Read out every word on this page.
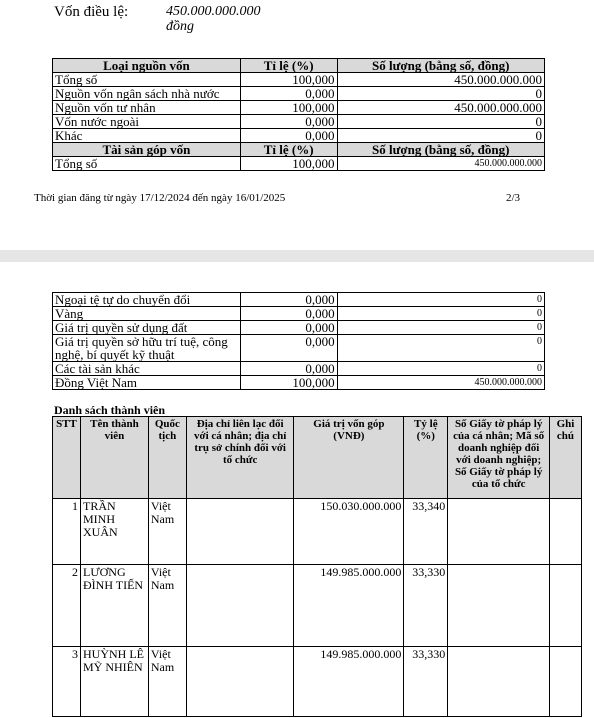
Vốn điều lệ:	450.000.000.000
đồng
Loại nguồn vốn	Tỉ lệ (%)	Số lượng (bằng số, đồng)
Tổng số	100,000	450.000.000.000
Nguồn vốn ngân sách nhà nước	0,000	0
Nguồn vốn tư nhân	100,000	450.000.000.000
Vốn nước ngoài	0,000	0
Khác	0,000	0
Tài sản góp vốn	Tỉ lệ (%)	Số lượng (bằng số, đồng)
Tổng số	100,000	450.000.000.000
Thời gian đăng từ ngày 17/12/2024 đến ngày 16/01/2025	2/3
Ngoại tệ tự do chuyển đổi	0,000	0
Vàng	0,000	0
Giá trị quyền sử dụng đất	0,000	0
Giá trị quyền sở hữu trí tuệ, công nghệ, bí quyết kỹ thuật	0,000	0
Các tài sản khác	0,000	0
Đồng Việt Nam	100,000	450.000.000.000
Danh sách thành viên
STT	Tên thành viên	Quốc tịch	Địa chỉ liên lạc đối với cá nhân; địa chỉ trụ sở chính đối với tổ chức	Giá trị vốn góp (VNĐ)	Tỷ lệ (%)	Số Giấy tờ pháp lý của cá nhân; Mã số doanh nghiệp đối với doanh nghiệp; Số Giấy tờ pháp lý của tổ chức	Ghi chú
1	TRẦN MINH XUÂN	Việt Nam		150.030.000.000	33,340		
2	LƯƠNG ĐÌNH TIẾN	Việt Nam		149.985.000.000	33,330		
3	HUỲNH LÊ MỸ NHIÊN	Việt Nam		149.985.000.000	33,330		
